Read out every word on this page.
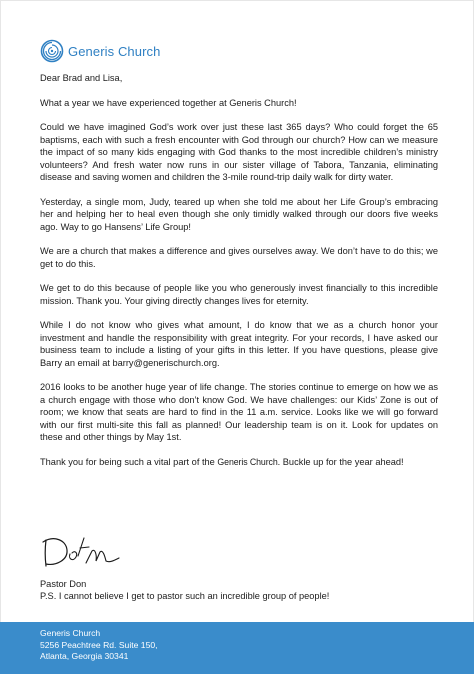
Generis Church

Dear Brad and Lisa,

What a year we have experienced together at Generis Church!

Could we have imagined God’s work over just these last 365 days? Who could forget the 65 baptisms, each with such a fresh encounter with God through our church? How can we measure the impact of so many kids engaging with God thanks to the most incredible children’s ministry volunteers? And fresh water now runs in our sister village of Tabora, Tanzania, eliminating disease and saving women and children the 3-mile round-trip daily walk for dirty water.

Yesterday, a single mom, Judy, teared up when she told me about her Life Group’s embracing her and helping her to heal even though she only timidly walked through our doors five weeks ago. Way to go Hansens’ Life Group!

We are a church that makes a difference and gives ourselves away. We don’t have to do this; we get to do this.

We get to do this because of people like you who generously invest financially to this incredible mission. Thank you. Your giving directly changes lives for eternity.

While I do not know who gives what amount, I do know that we as a church honor your investment and handle the responsibility with great integrity. For your records, I have asked our business team to include a listing of your gifts in this letter. If you have questions, please give Barry an email at barry@generischurch.org.

2016 looks to be another huge year of life change. The stories continue to emerge on how we as a church engage with those who don’t know God. We have challenges: our Kids’ Zone is out of room; we know that seats are hard to find in the 11 a.m. service. Looks like we will go forward with our first multi-site this fall as planned! Our leadership team is on it. Look for updates on these and other things by May 1st.

Thank you for being such a vital part of the Generis Church. Buckle up for the year ahead!

Pastor Don
P.S. I cannot believe I get to pastor such an incredible group of people!
Generis Church
5256 Peachtree Rd. Suite 150,
Atlanta, Georgia 30341
